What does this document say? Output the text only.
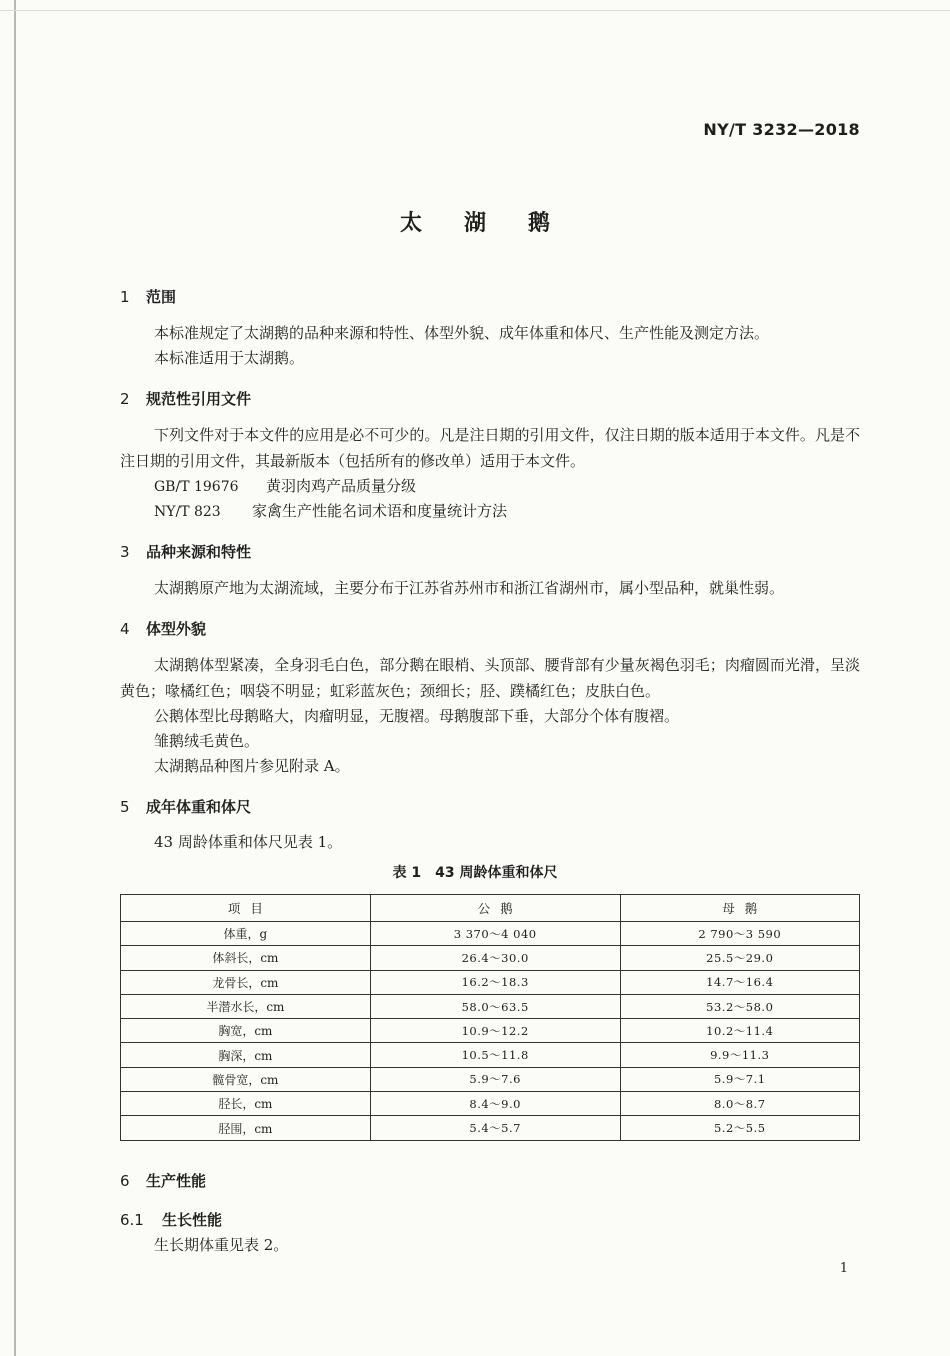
NY/T 3232—2018
太湖鹅
1 范围
本标准规定了太湖鹅的品种来源和特性、体型外貌、成年体重和体尺、生产性能及测定方法。
本标准适用于太湖鹅。
2 规范性引用文件
下列文件对于本文件的应用是必不可少的。凡是注日期的引用文件，仅注日期的版本适用于本文件。凡是不注日期的引用文件，其最新版本（包括所有的修改单）适用于本文件。
GB/T 19676 黄羽肉鸡产品质量分级
NY/T 823 家禽生产性能名词术语和度量统计方法
3 品种来源和特性
太湖鹅原产地为太湖流域，主要分布于江苏省苏州市和浙江省湖州市，属小型品种，就巢性弱。
4 体型外貌
太湖鹅体型紧凑，全身羽毛白色，部分鹅在眼梢、头顶部、腰背部有少量灰褐色羽毛；肉瘤圆而光滑，呈淡黄色；喙橘红色；咽袋不明显；虹彩蓝灰色；颈细长；胫、蹼橘红色；皮肤白色。
公鹅体型比母鹅略大，肉瘤明显，无腹褶。母鹅腹部下垂，大部分个体有腹褶。
雏鹅绒毛黄色。
太湖鹅品种图片参见附录 A。
5 成年体重和体尺
43 周龄体重和体尺见表 1。
表 1　43 周龄体重和体尺
项目	公鹅	母鹅
体重，g	3 370～4 040	2 790～3 590
体斜长，cm	26.4～30.0	25.5～29.0
龙骨长，cm	16.2～18.3	14.7～16.4
半潜水长，cm	58.0～63.5	53.2～58.0
胸宽，cm	10.9～12.2	10.2～11.4
胸深，cm	10.5～11.8	9.9～11.3
髋骨宽，cm	5.9～7.6	5.9～7.1
胫长，cm	8.4～9.0	8.0～8.7
胫围，cm	5.4～5.7	5.2～5.5
6 生产性能
6.1 生长性能
生长期体重见表 2。
1
